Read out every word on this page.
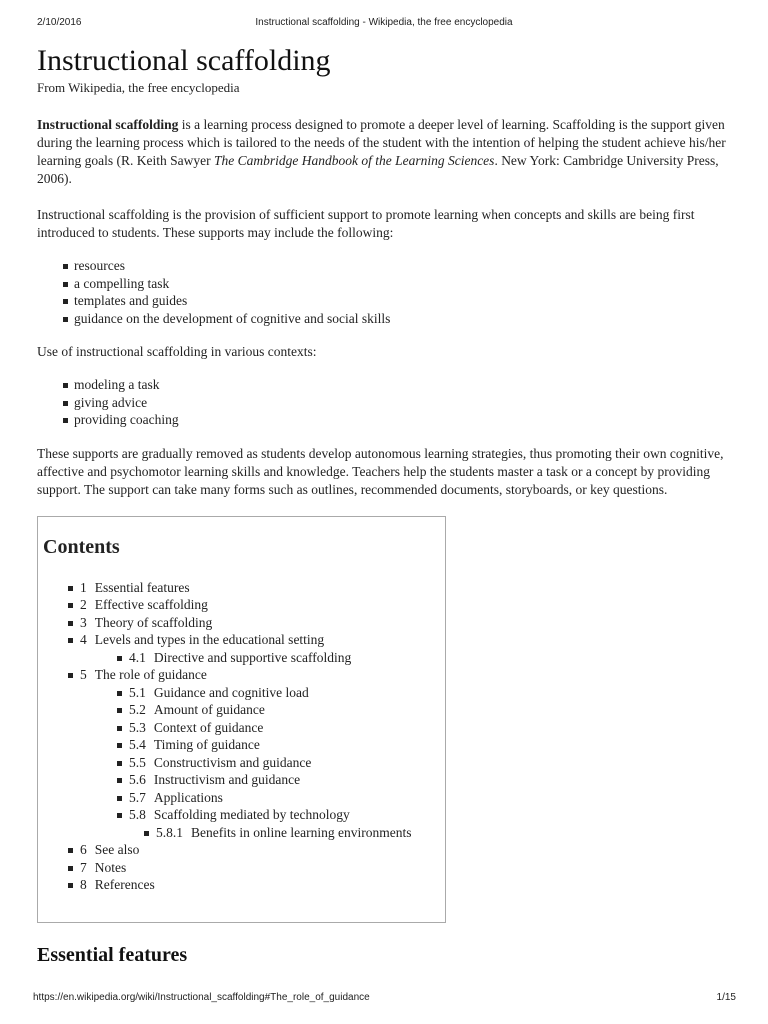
2/10/2016	Instructional scaffolding - Wikipedia, the free encyclopedia
Instructional scaffolding
From Wikipedia, the free encyclopedia

Instructional scaffolding is a learning process designed to promote a deeper level of learning. Scaffolding is the support given during the learning process which is tailored to the needs of the student with the intention of helping the student achieve his/her learning goals (R. Keith Sawyer The Cambridge Handbook of the Learning Sciences. New York: Cambridge University Press, 2006).

Instructional scaffolding is the provision of sufficient support to promote learning when concepts and skills are being first introduced to students. These supports may include the following:

resources
a compelling task
templates and guides
guidance on the development of cognitive and social skills

Use of instructional scaffolding in various contexts:

modeling a task
giving advice
providing coaching

These supports are gradually removed as students develop autonomous learning strategies, thus promoting their own cognitive, affective and psychomotor learning skills and knowledge. Teachers help the students master a task or a concept by providing support. The support can take many forms such as outlines, recommended documents, storyboards, or key questions.

Contents
1 Essential features
2 Effective scaffolding
3 Theory of scaffolding
4 Levels and types in the educational setting
4.1 Directive and supportive scaffolding
5 The role of guidance
5.1 Guidance and cognitive load
5.2 Amount of guidance
5.3 Context of guidance
5.4 Timing of guidance
5.5 Constructivism and guidance
5.6 Instructivism and guidance
5.7 Applications
5.8 Scaffolding mediated by technology
5.8.1 Benefits in online learning environments
6 See also
7 Notes
8 References
Essential features
https://en.wikipedia.org/wiki/Instructional_scaffolding#The_role_of_guidance	1/15
